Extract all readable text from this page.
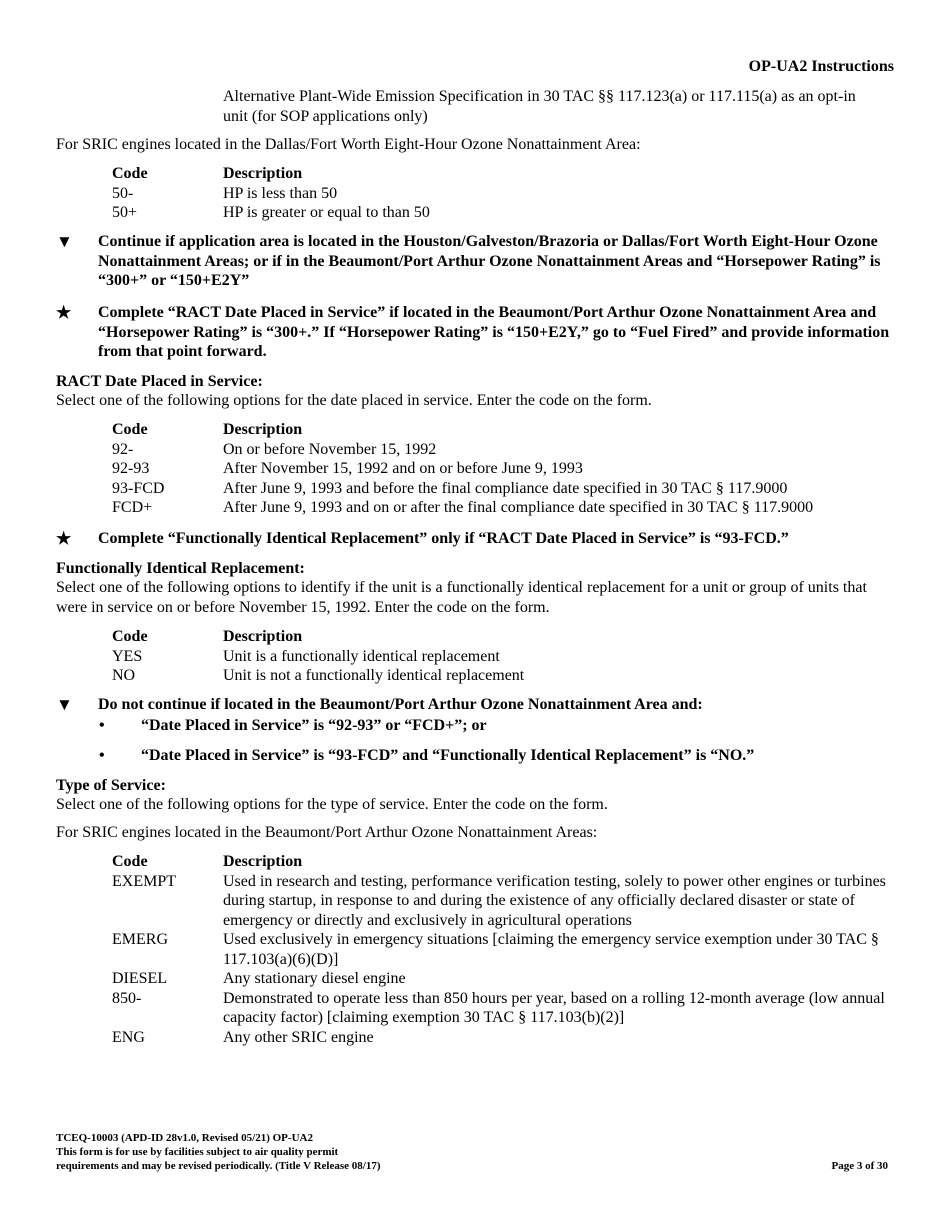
OP-UA2 Instructions
Alternative Plant-Wide Emission Specification in 30 TAC §§ 117.123(a) or 117.115(a) as an opt-in unit (for SOP applications only)
For SRIC engines located in the Dallas/Fort Worth Eight-Hour Ozone Nonattainment Area:
Code	Description
50-	HP is less than 50
50+	HP is greater or equal to than 50
▼	Continue if application area is located in the Houston/Galveston/Brazoria or Dallas/Fort Worth Eight-Hour Ozone Nonattainment Areas; or if in the Beaumont/Port Arthur Ozone Nonattainment Areas and “Horsepower Rating” is “300+” or “150+E2Y”
★	Complete “RACT Date Placed in Service” if located in the Beaumont/Port Arthur Ozone Nonattainment Area and “Horsepower Rating” is “300+.” If “Horsepower Rating” is “150+E2Y,” go to “Fuel Fired” and provide information from that point forward.
RACT Date Placed in Service:
Select one of the following options for the date placed in service. Enter the code on the form.
Code	Description
92-	On or before November 15, 1992
92-93	After November 15, 1992 and on or before June 9, 1993
93-FCD	After June 9, 1993 and before the final compliance date specified in 30 TAC § 117.9000
FCD+	After June 9, 1993 and on or after the final compliance date specified in 30 TAC § 117.9000
★	Complete “Functionally Identical Replacement” only if “RACT Date Placed in Service” is “93-FCD.”
Functionally Identical Replacement:
Select one of the following options to identify if the unit is a functionally identical replacement for a unit or group of units that were in service on or before November 15, 1992. Enter the code on the form.
Code	Description
YES	Unit is a functionally identical replacement
NO	Unit is not a functionally identical replacement
▼	Do not continue if located in the Beaumont/Port Arthur Ozone Nonattainment Area and:
•	“Date Placed in Service” is “92-93” or “FCD+”; or
•	“Date Placed in Service” is “93-FCD” and “Functionally Identical Replacement” is “NO.”
Type of Service:
Select one of the following options for the type of service. Enter the code on the form.
For SRIC engines located in the Beaumont/Port Arthur Ozone Nonattainment Areas:
Code	Description
EXEMPT	Used in research and testing, performance verification testing, solely to power other engines or turbines during startup, in response to and during the existence of any officially declared disaster or state of emergency or directly and exclusively in agricultural operations
EMERG	Used exclusively in emergency situations [claiming the emergency service exemption under 30 TAC § 117.103(a)(6)(D)]
DIESEL	Any stationary diesel engine
850-	Demonstrated to operate less than 850 hours per year, based on a rolling 12-month average (low annual capacity factor) [claiming exemption 30 TAC § 117.103(b)(2)]
ENG	Any other SRIC engine
TCEQ-10003 (APD-ID 28v1.0, Revised 05/21) OP-UA2
This form is for use by facilities subject to air quality permit
requirements and may be revised periodically. (Title V Release 08/17)	Page 3 of 30
